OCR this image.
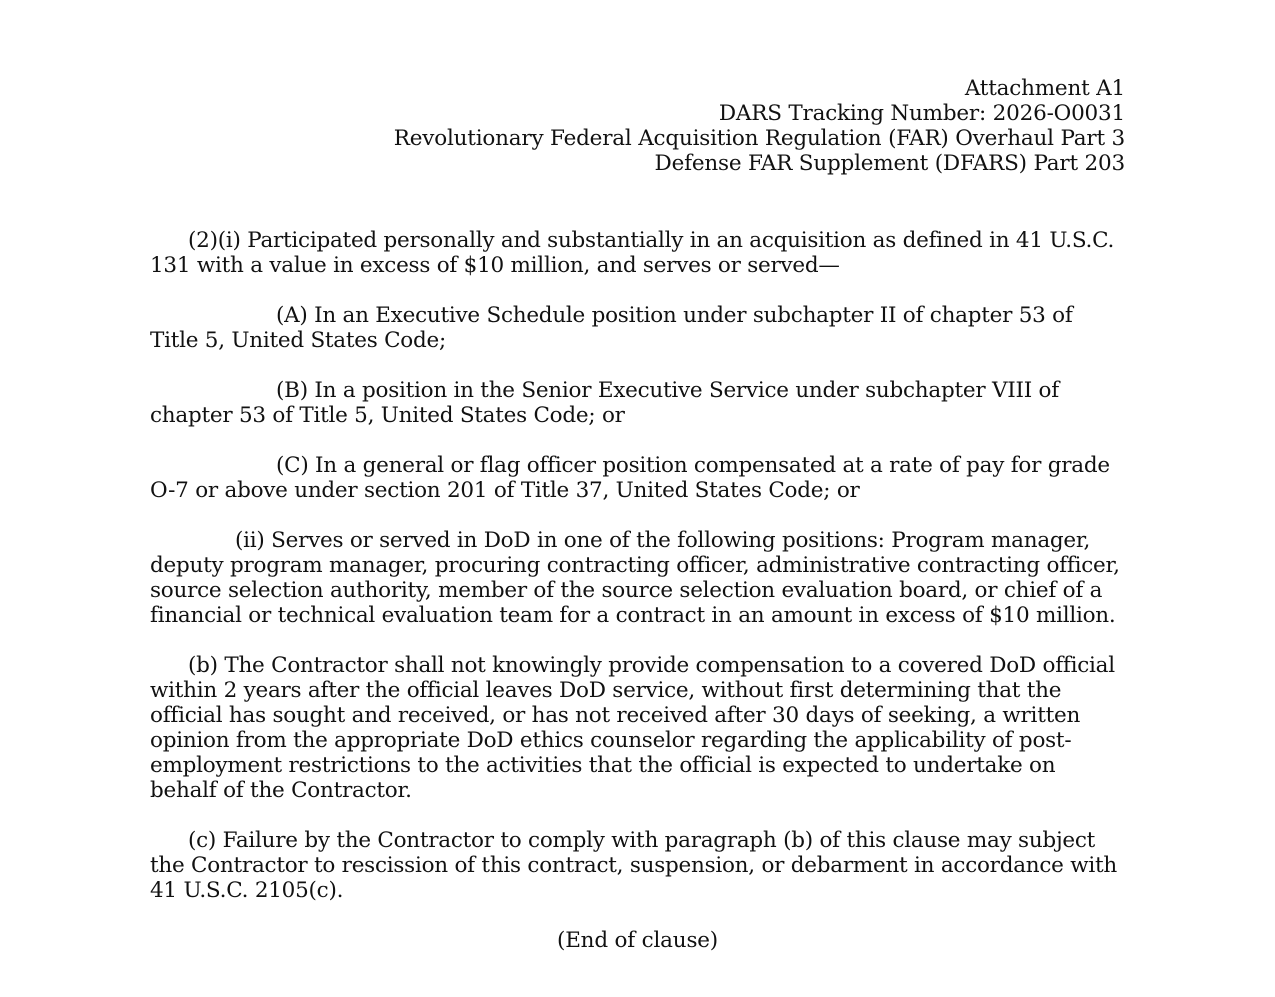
Attachment A1
DARS Tracking Number: 2026-O0031
Revolutionary Federal Acquisition Regulation (FAR) Overhaul Part 3
Defense FAR Supplement (DFARS) Part 203

(2)(i) Participated personally and substantially in an acquisition as defined in 41 U.S.C. 131 with a value in excess of $10 million, and serves or served—

(A) In an Executive Schedule position under subchapter II of chapter 53 of Title 5, United States Code;

(B) In a position in the Senior Executive Service under subchapter VIII of chapter 53 of Title 5, United States Code; or

(C) In a general or flag officer position compensated at a rate of pay for grade O-7 or above under section 201 of Title 37, United States Code; or

(ii) Serves or served in DoD in one of the following positions: Program manager, deputy program manager, procuring contracting officer, administrative contracting officer, source selection authority, member of the source selection evaluation board, or chief of a financial or technical evaluation team for a contract in an amount in excess of $10 million.

(b) The Contractor shall not knowingly provide compensation to a covered DoD official within 2 years after the official leaves DoD service, without first determining that the official has sought and received, or has not received after 30 days of seeking, a written opinion from the appropriate DoD ethics counselor regarding the applicability of post-employment restrictions to the activities that the official is expected to undertake on behalf of the Contractor.

(c) Failure by the Contractor to comply with paragraph (b) of this clause may subject the Contractor to rescission of this contract, suspension, or debarment in accordance with 41 U.S.C. 2105(c).

(End of clause)
